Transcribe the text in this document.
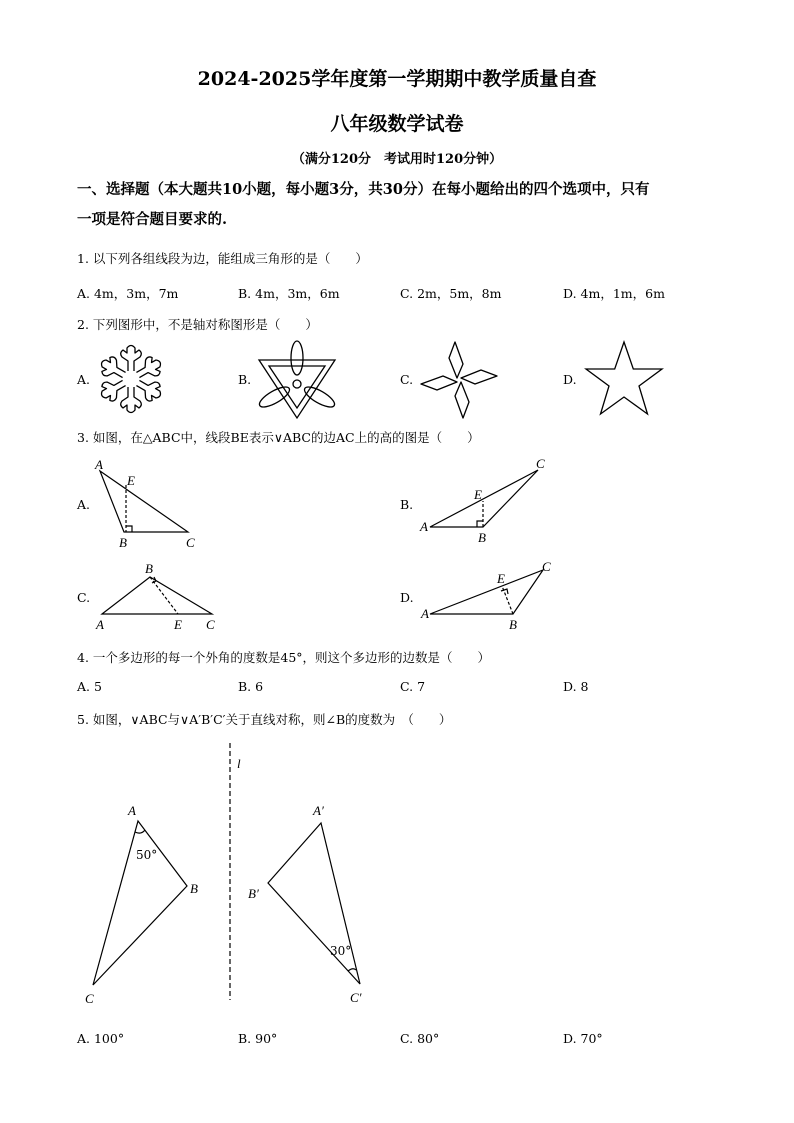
2024-2025学年度第一学期期中教学质量自查
八年级数学试卷
（满分120分　考试用时120分钟）
一、选择题（本大题共10小题，每小题3分，共30分）在每小题给出的四个选项中，只有
一项是符合题目要求的.
1. 以下列各组线段为边，能组成三角形的是（　　）
A. 4m，3m，7m	B. 4m，3m，6m	C. 2m，5m，8m	D. 4m，1m，6m
2. 下列图形中，不是轴对称图形是（　　）
A.	B.	C.	D.
3. 如图，在△ABC中，线段BE表示∨ABC的边AC上的高的图是（　　）
A.	B.
C.	D.
A
E
B	C
A
E
B
C
B
A	E C
A
E
B
C
4. 一个多边形的每一个外角的度数是45°，则这个多边形的边数是（　　）
A. 5	B. 6	C. 7	D. 8
5. 如图，∨ABC与∨A′B′C′关于直线对称，则∠B的度数为　（　　）
l
A
B
C
50°
A′
B′
C′
30°
A. 100°	B. 90°	C. 80°	D. 70°
